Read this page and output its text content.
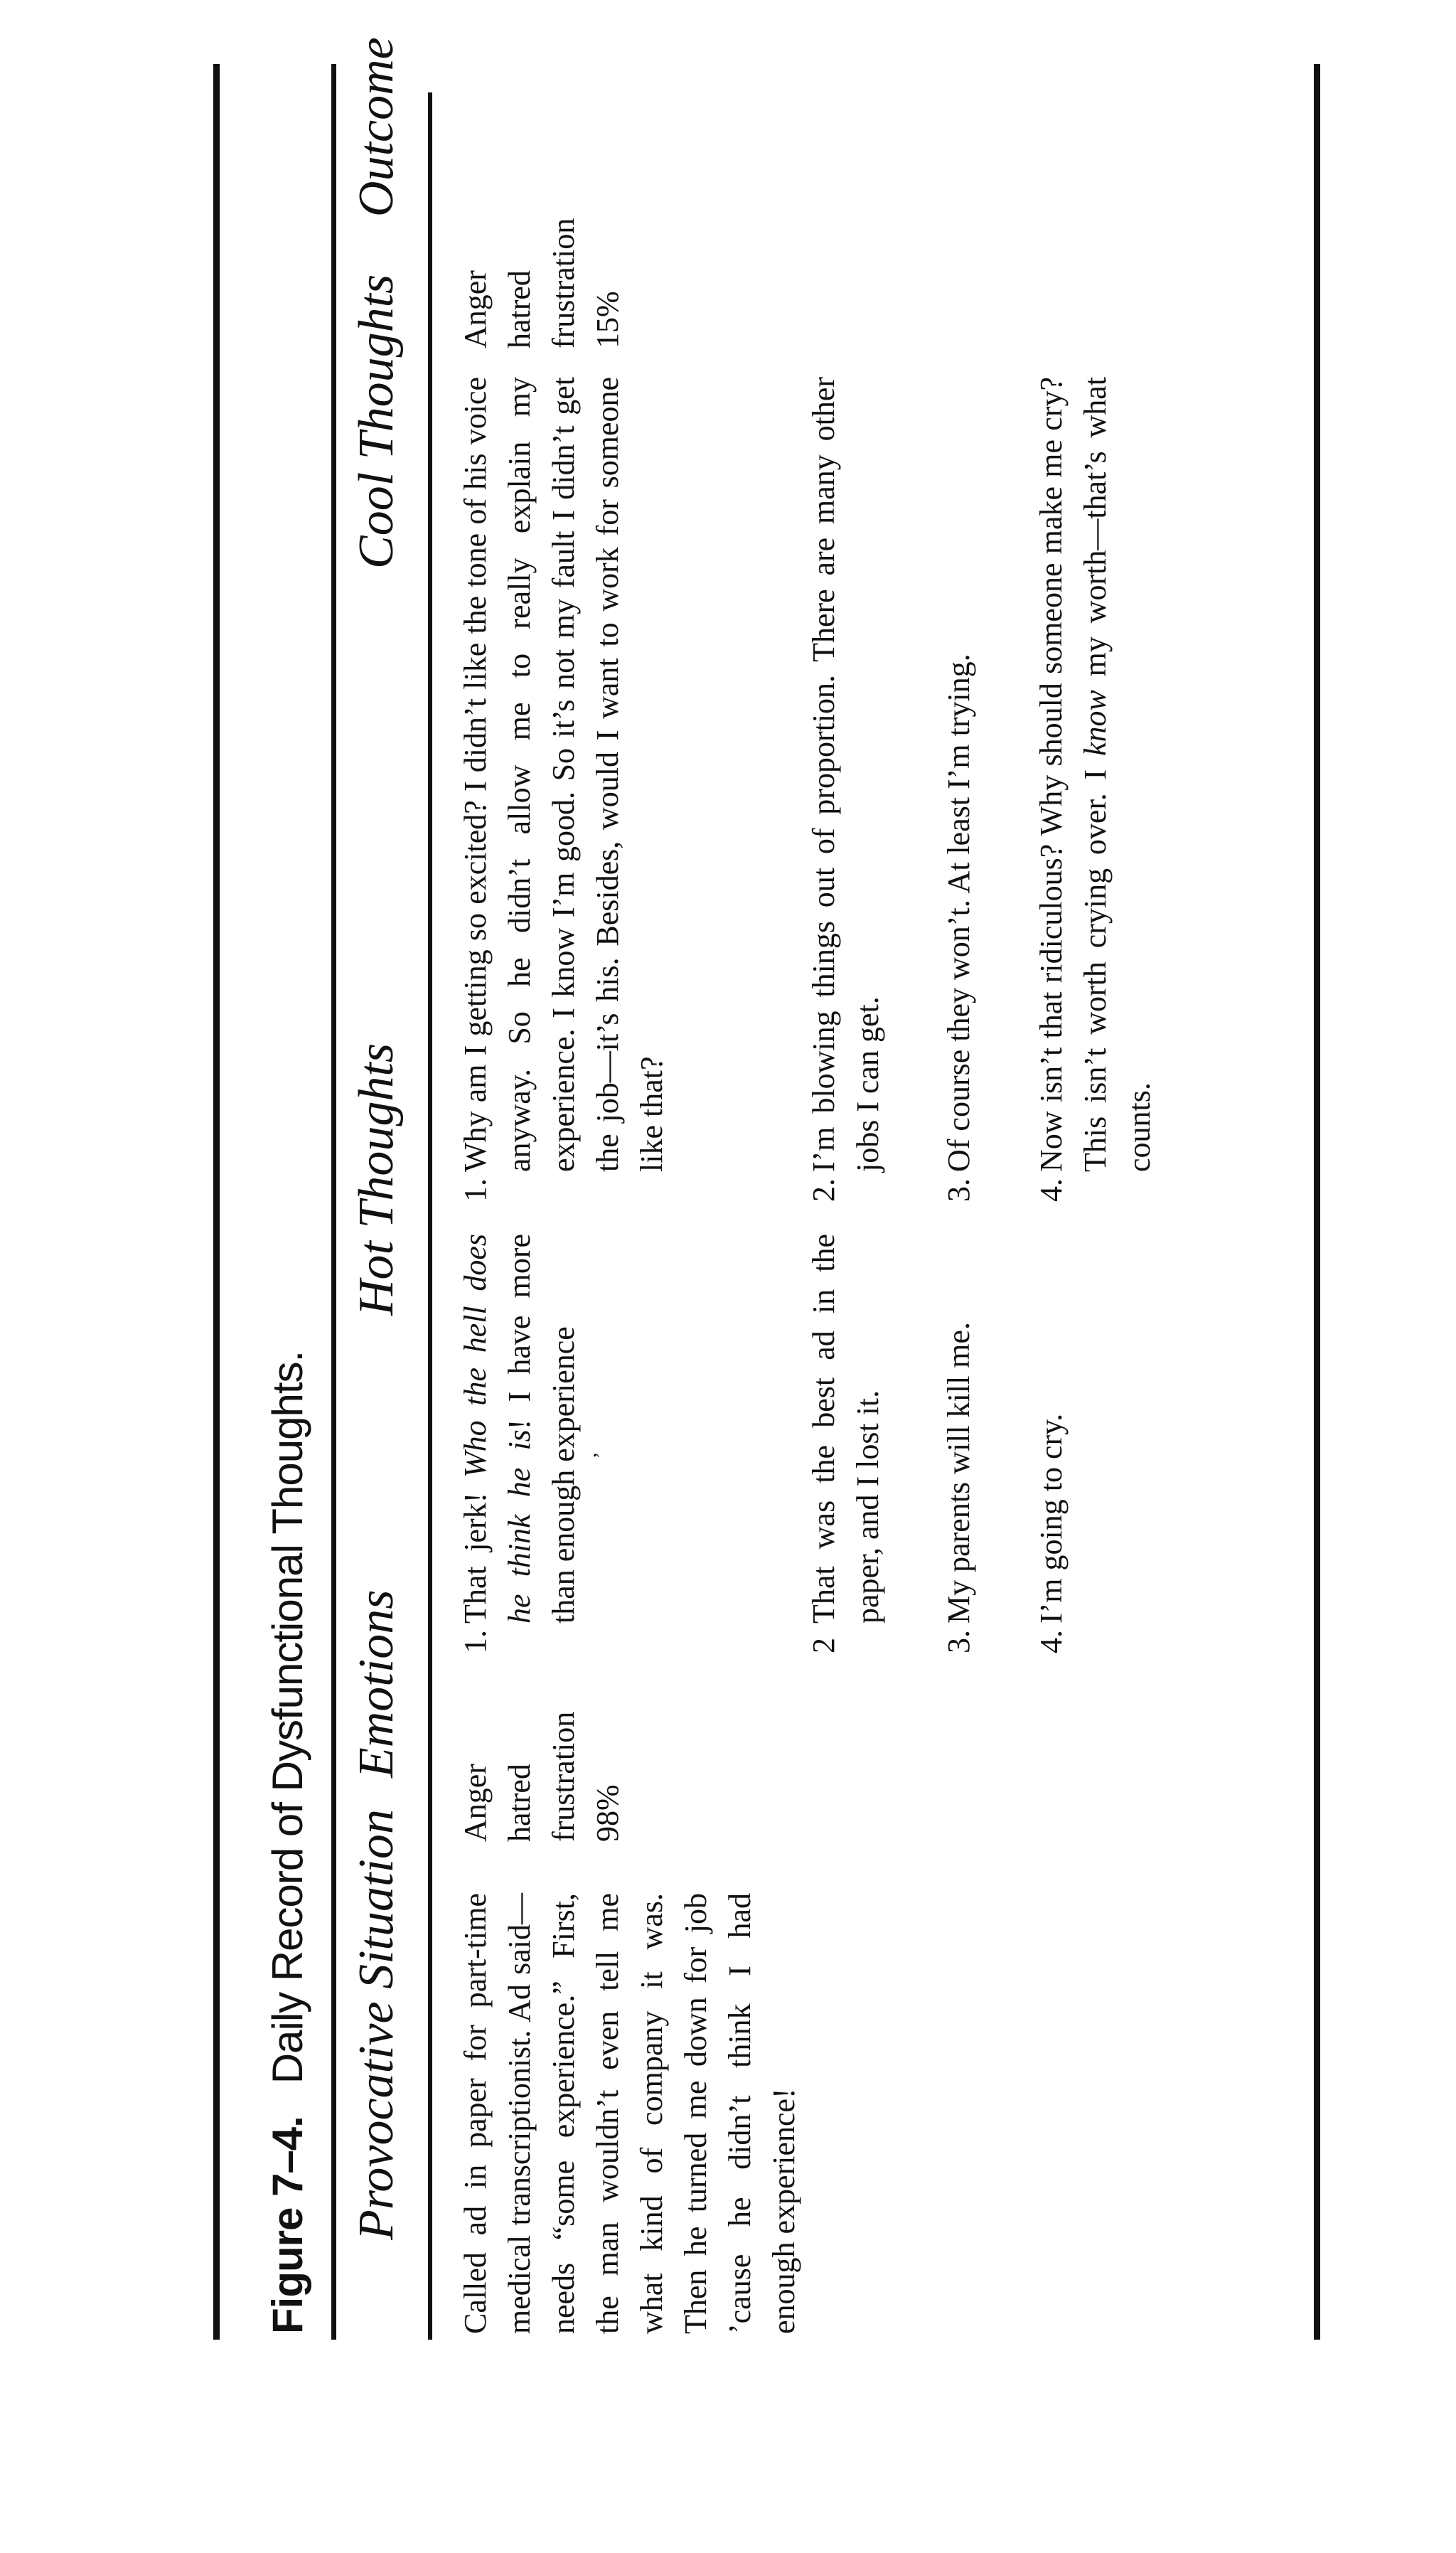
Figure 7–4.Daily Record of Dysfunctional Thoughts. Provocative Situation
Emotions
Hot Thoughts
Cool Thoughts
Outcome
Called ad in paper for part-time medical transcriptionist. Ad said—needs “some experience.” First, the man wouldn’t even tell me what kind of company it was. Then he turned me down for job ’cause he didn’t think I had enough experience!
Anger hatred frustration 98%
1.
That jerk! Who the hell does he think he is! I have more than enough experience
,
2
That was the best ad in the paper, and I lost it.
3.
My parents will kill me.
4.
I’m going to cry.
1.
Why am I getting so excited? I didn’t like the tone of his voice anyway. So he didn’t allow me to really explain my experience. I know I’m good. So it’s not my fault I didn’t get the job—it’s his. Besides, would I want to work for someone like that?
2.
I’m blowing things out of proportion. There are many other jobs I can get.
3.
Of course they won’t. At least I’m trying.
4.
Now isn’t that ridiculous? Why should someone make me cry? This isn’t worth crying over. I know my worth—that’s what counts.
Anger hatred frustration 15%
